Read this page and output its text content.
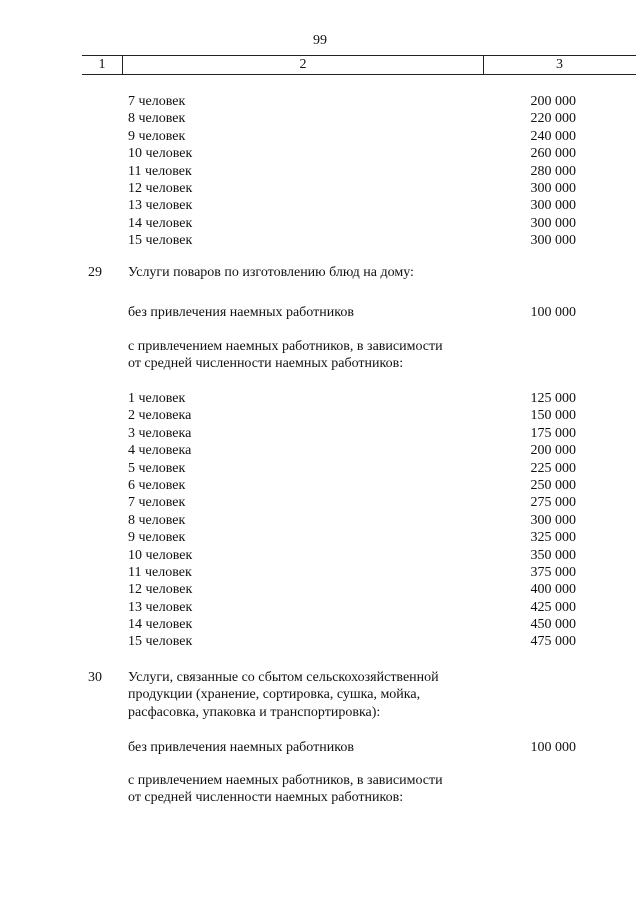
99
1	2	3
7 человек	200 000
8 человек	220 000
9 человек	240 000
10 человек	260 000
11 человек	280 000
12 человек	300 000
13 человек	300 000
14 человек	300 000
15 человек	300 000
29 Услуги поваров по изготовлению блюд на дому:
без привлечения наемных работников	100 000
с привлечением наемных работников, в зависимости
от средней численности наемных работников:
1 человек	125 000
2 человека	150 000
3 человека	175 000
4 человека	200 000
5 человек	225 000
6 человек	250 000
7 человек	275 000
8 человек	300 000
9 человек	325 000
10 человек	350 000
11 человек	375 000
12 человек	400 000
13 человек	425 000
14 человек	450 000
15 человек	475 000
30 Услуги, связанные со сбытом сельскохозяйственной
продукции (хранение, сортировка, сушка, мойка,
расфасовка, упаковка и транспортировка):
без привлечения наемных работников	100 000
с привлечением наемных работников, в зависимости
от средней численности наемных работников:
